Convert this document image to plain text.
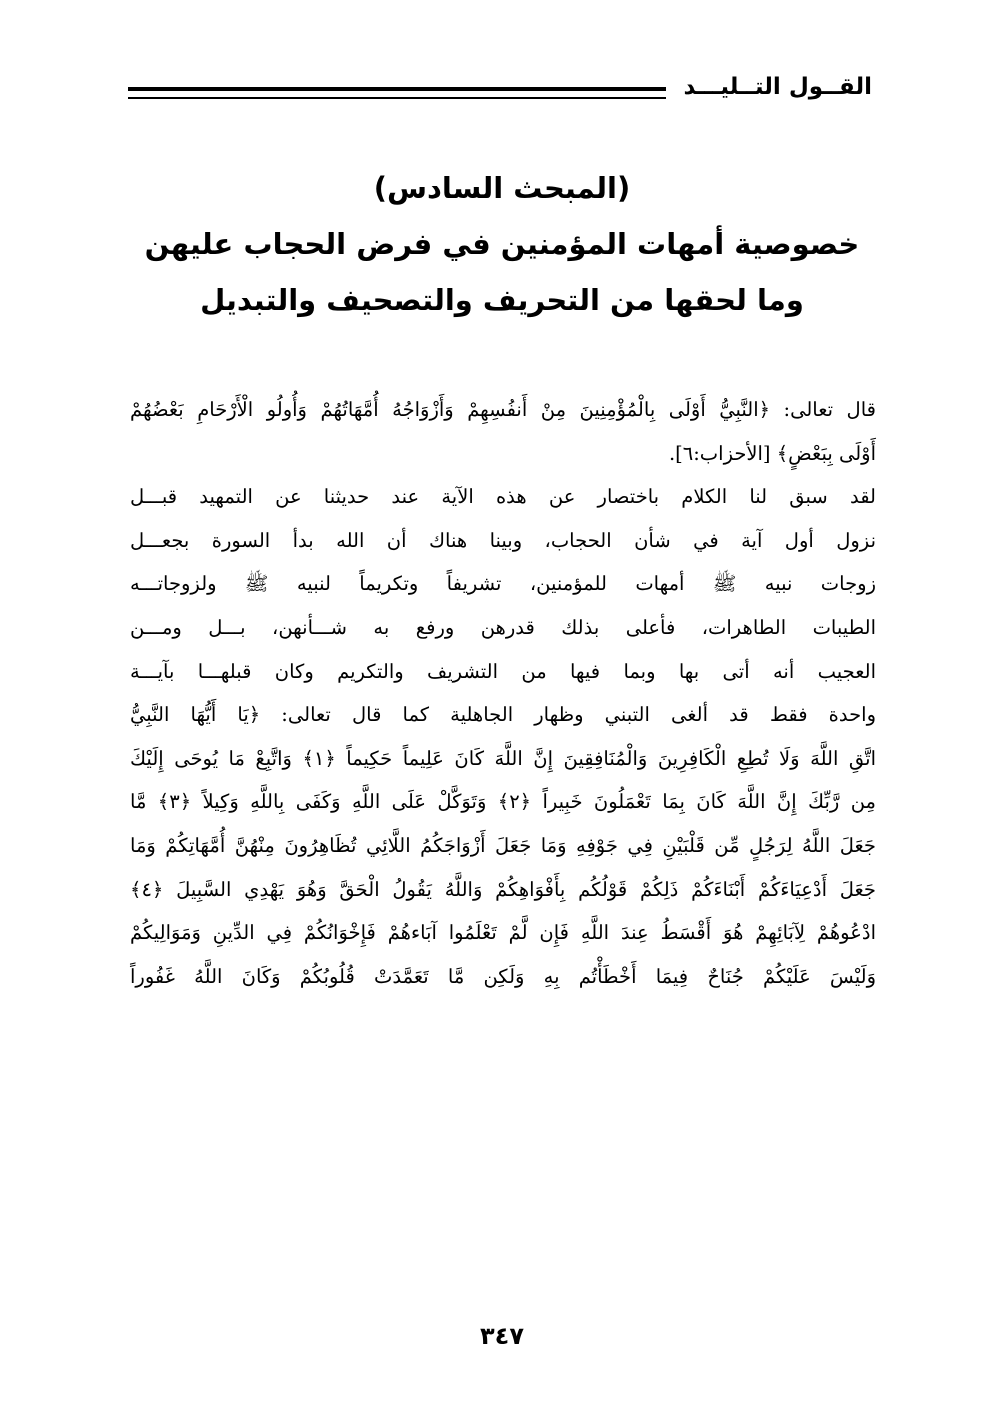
القــول التــليـــد
(المبحث السادس)
خصوصية أمهات المؤمنين في فرض الحجاب عليهن
وما لحقها من التحريف والتصحيف والتبديل
قال تعالى: ﴿النَّبِيُّ أَوْلَى بِالْمُؤْمِنِينَ مِنْ أَنفُسِهِمْ وَأَزْوَاجُهُ أُمَّهَاتُهُمْ وَأُولُو الْأَرْحَامِ بَعْضُهُمْ
أَوْلَى بِبَعْضٍ﴾ [الأحزاب:٦].
لقد سبق لنا الكلام باختصار عن هذه الآية عند حديثنا عن التمهيد قبـــل
نزول أول آية في شأن الحجاب، وبينا هناك أن الله بدأ السورة بجعـــل
زوجات نبيه ﷺ أمهات للمؤمنين، تشريفاً وتكريماً لنبيه ﷺ ولزوجاتـــه
الطيبات الطاهرات، فأعلى بذلك قدرهن ورفع به شـــأنهن، بـــل ومـــن
العجيب أنه أتى بها وبما فيها من التشريف والتكريم وكان قبلهـــا بآيـــة
واحدة فقط قد ألغى التبني وظهار الجاهلية كما قال تعالى: ﴿يَا أَيُّهَا النَّبِيُّ
اتَّقِ اللَّهَ وَلَا تُطِعِ الْكَافِرِينَ وَالْمُنَافِقِينَ إِنَّ اللَّهَ كَانَ عَلِيماً حَكِيماً ﴿١﴾ وَاتَّبِعْ مَا يُوحَى إِلَيْكَ
مِن رَّبِّكَ إِنَّ اللَّهَ كَانَ بِمَا تَعْمَلُونَ خَبِيراً ﴿٢﴾ وَتَوَكَّلْ عَلَى اللَّهِ وَكَفَى بِاللَّهِ وَكِيلاً ﴿٣﴾ مَّا
جَعَلَ اللَّهُ لِرَجُلٍ مِّن قَلْبَيْنِ فِي جَوْفِهِ وَمَا جَعَلَ أَزْوَاجَكُمُ اللَّائِي تُظَاهِرُونَ مِنْهُنَّ أُمَّهَاتِكُمْ وَمَا
جَعَلَ أَدْعِيَاءَكُمْ أَبْنَاءَكُمْ ذَلِكُمْ قَوْلُكُم بِأَفْوَاهِكُمْ وَاللَّهُ يَقُولُ الْحَقَّ وَهُوَ يَهْدِي السَّبِيلَ ﴿٤﴾
ادْعُوهُمْ لِآبَائِهِمْ هُوَ أَقْسَطُ عِندَ اللَّهِ فَإِن لَّمْ تَعْلَمُوا آبَاءهُمْ فَإِخْوَانُكُمْ فِي الدِّينِ وَمَوَالِيكُمْ
وَلَيْسَ عَلَيْكُمْ جُنَاحٌ فِيمَا أَخْطَأْتُم بِهِ وَلَكِن مَّا تَعَمَّدَتْ قُلُوبُكُمْ وَكَانَ اللَّهُ غَفُوراً
٣٤٧
